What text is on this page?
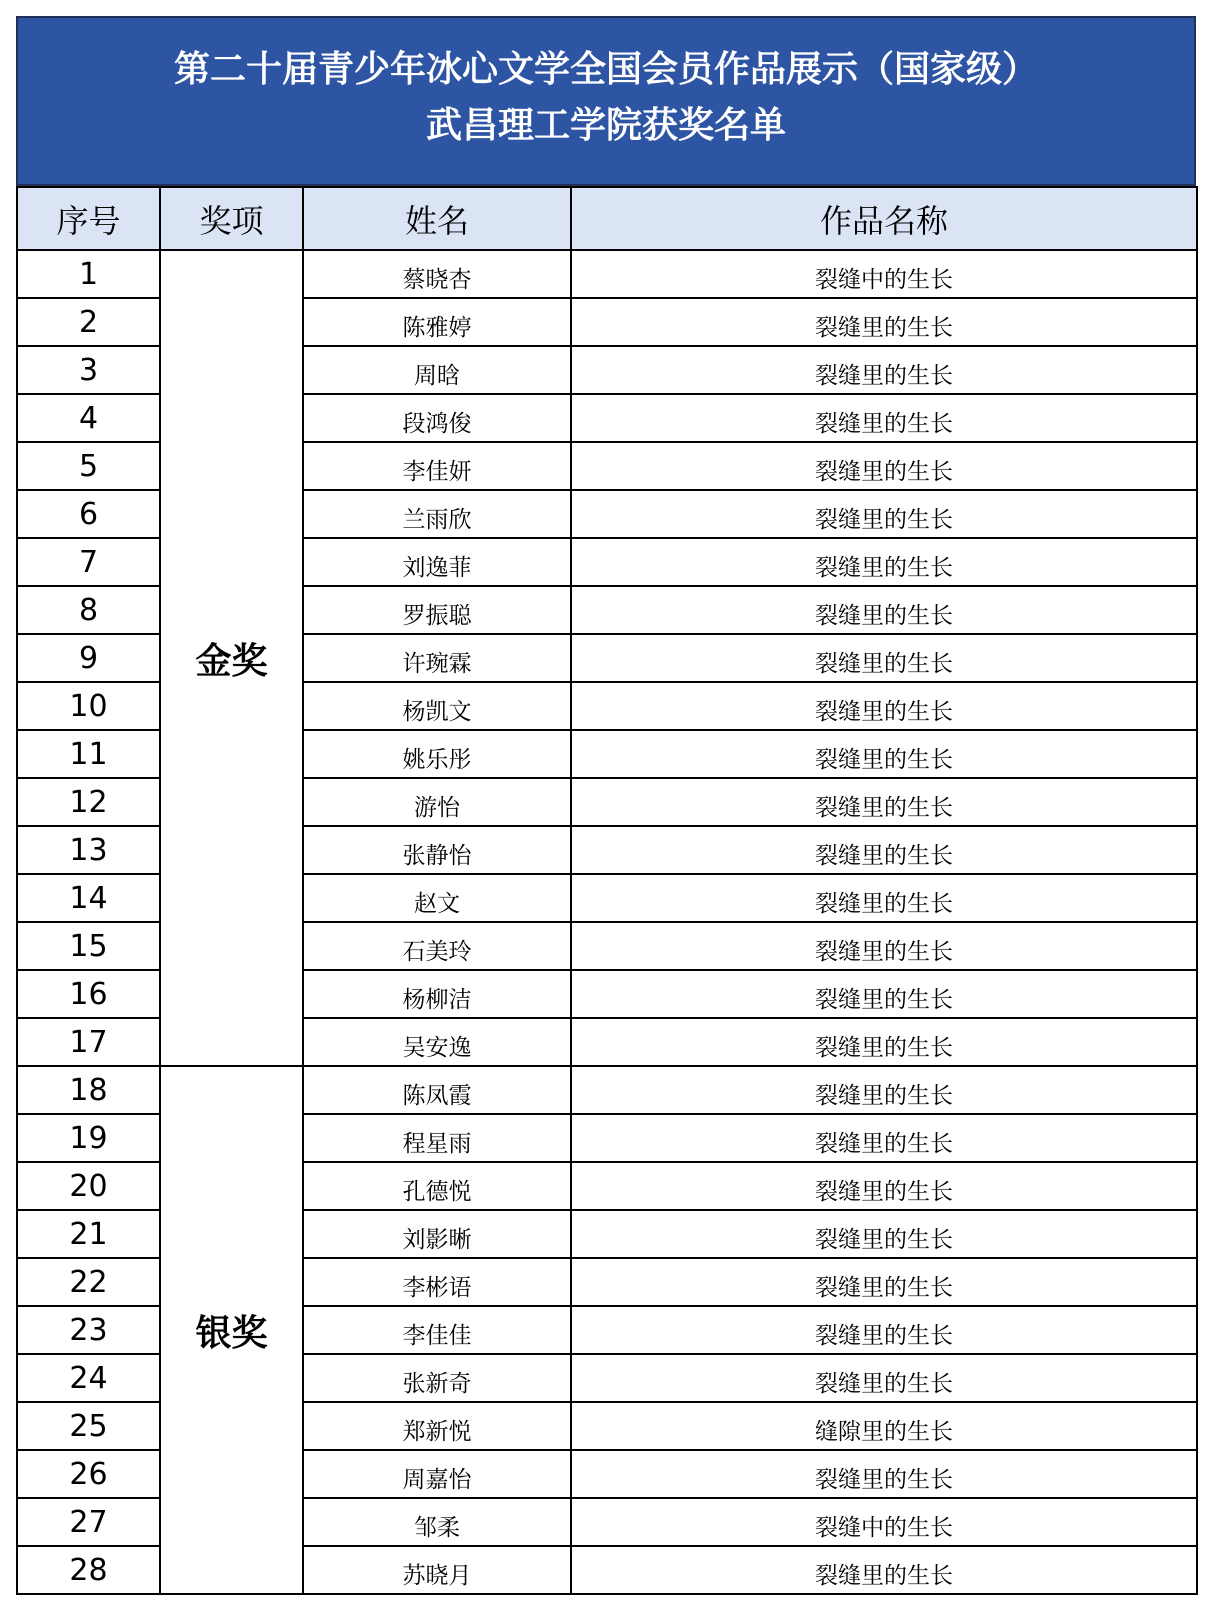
第二十届青少年冰心文学全国会员作品展示（国家级）
武昌理工学院获奖名单
序号	奖项	姓名	作品名称
1	金奖	蔡晓杏	裂缝中的生长
2		陈雅婷	裂缝里的生长
3		周晗	裂缝里的生长
4		段鸿俊	裂缝里的生长
5		李佳妍	裂缝里的生长
6		兰雨欣	裂缝里的生长
7		刘逸菲	裂缝里的生长
8		罗振聪	裂缝里的生长
9		许琬霖	裂缝里的生长
10		杨凯文	裂缝里的生长
11		姚乐彤	裂缝里的生长
12		游怡	裂缝里的生长
13		张静怡	裂缝里的生长
14		赵文	裂缝里的生长
15		石美玲	裂缝里的生长
16		杨柳洁	裂缝里的生长
17		吴安逸	裂缝里的生长
18	银奖	陈凤霞	裂缝里的生长
19		程星雨	裂缝里的生长
20		孔德悦	裂缝里的生长
21		刘影晰	裂缝里的生长
22		李彬语	裂缝里的生长
23		李佳佳	裂缝里的生长
24		张新奇	裂缝里的生长
25		郑新悦	缝隙里的生长
26		周嘉怡	裂缝里的生长
27		邹柔	裂缝中的生长
28		苏晓月	裂缝里的生长
